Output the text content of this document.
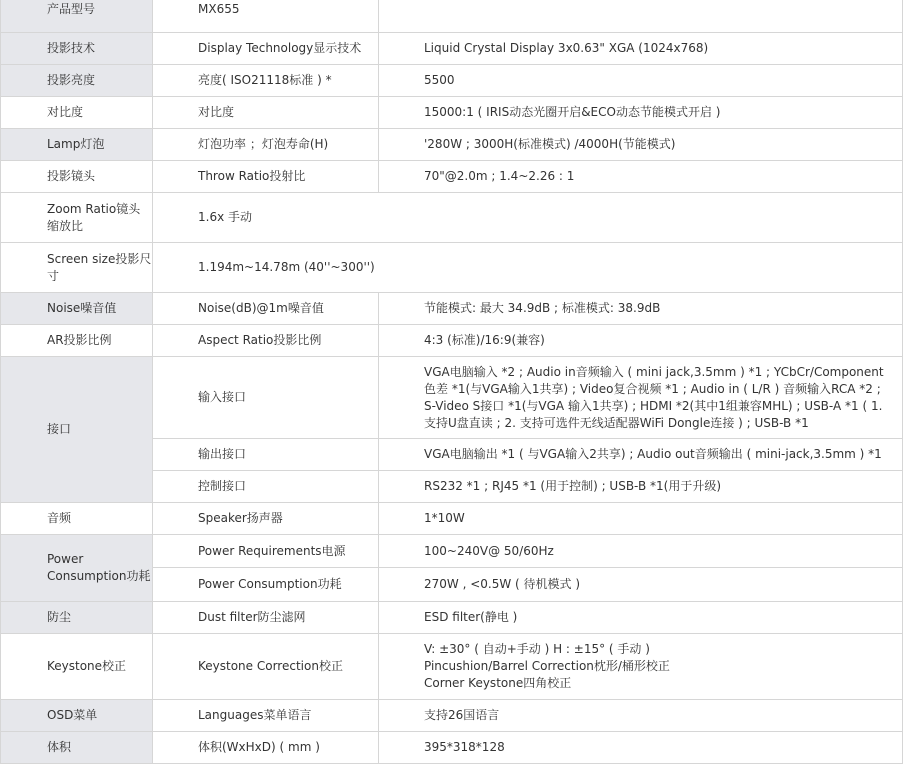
产品型号	MX655	
投影技术	Display Technology显示技术	Liquid Crystal Display 3x0.63" XGA (1024x768)
投影亮度	亮度( ISO21118标准 ) *	5500
对比度	对比度	15000:1 ( IRIS动态光圈开启&ECO动态节能模式开启 )
Lamp灯泡	灯泡功率 ；灯泡寿命(H)	'280W ; 3000H(标准模式) /4000H(节能模式)
投影镜头	Throw Ratio投射比	70"@2.0m ; 1.4~2.26 : 1
Zoom Ratio镜头缩放比	1.6x 手动	
Screen size投影尺寸	1.194m~14.78m (40''~300'')	
Noise噪音值	Noise(dB)@1m噪音值	节能模式: 最大 34.9dB ; 标准模式: 38.9dB
AR投影比例	Aspect Ratio投影比例	4:3 (标准)/16:9(兼容)
接口	输入接口	VGA电脑输入 *2 ; Audio in音频输入 ( mini jack,3.5mm ) *1 ; YCbCr/Component色差 *1(与VGA输入1共享) ; Video复合视频 *1 ; Audio in ( L/R ) 音频输入RCA *2 ; S-Video S接口 *1(与VGA 输入1共享) ; HDMI *2(其中1组兼容MHL) ; USB-A *1 ( 1. 支持U盘直读 ; 2. 支持可选件无线适配器WiFi Dongle连接 ) ; USB-B *1
	输出接口	VGA电脑输出 *1 ( 与VGA输入2共享) ; Audio out音频输出 ( mini-jack,3.5mm ) *1
	控制接口	RS232 *1 ; RJ45 *1 (用于控制) ; USB-B *1(用于升级)
音频	Speaker扬声器	1*10W
Power Consumption功耗	Power Requirements电源	100~240V@ 50/60Hz
	Power Consumption功耗	270W , <0.5W ( 待机模式 )
防尘	Dust filter防尘滤网	ESD filter(静电 )
Keystone校正	Keystone Correction校正	V: ±30° ( 自动+手动 ) H : ±15° ( 手动 )
Pincushion/Barrel Correction枕形/桶形校正
Corner Keystone四角校正

OSD菜单	Languages菜单语言	支持26国语言
体积	体积(WxHxD) ( mm )	395*318*128
